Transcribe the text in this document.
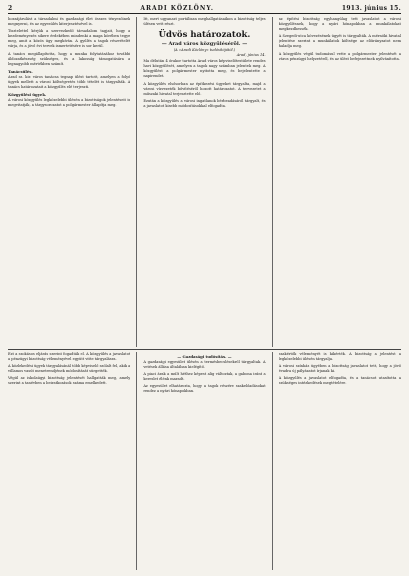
2	ARADI KÖZLÖNY.	1913. június 15.

hozzájárulást a társadalmi és gazdasági élet összes tényezőinek megnyerni, és az egyesülés kiterjesztésével is.

Tisztelettel kérjük a szervezkedő társadalom tagjait, hogy a kezdeményezés sikere érdekében mindenki a maga körében tegye meg, amit a közös ügy megkíván. A gyűlés a tagok részvételét várja, és a jövő évi tervek ismertetésére is sor kerül.

A tanács megállapította, hogy a munka folytatásához további áldozatkészség szükséges, és a lakosság támogatására a legnagyobb mértékben számít.

Tanácsülés.

Arad sz. kir. város tanácsa tegnap ülést tartott, amelyen a folyó ügyek mellett a városi költségvetés több tételét is tárgyalták. A tanács határozatait a közgyűlés elé terjeszti.

Közgyűlési ügyek.

A városi közgyűlés legközelebbi ülésén a bizottságok jelentéseit is megvitatják, a tárgysorozatot a polgármester állapítja meg.

Itt, mert ugyanazt portálisan meghallgatásaikon a bizottság teljes ülésen vett részt.

Üdvös határozatok.
— Arad város közgyűlésérõl. —
(A »Aradi Közlöny« tudósítójától.)
Arad, június 14.

Ma délután 4 órakor tartotta Arad város képviselőtestülete rendes havi közgyűlését, amelyen a tagok nagy számban jelentek meg. A közgyűlést a polgármester nyitotta meg, és bejelentette a napirendet.

A közgyűlés elsősorban az építkezési ügyeket tárgyalta, majd a városi vízvezeték bővítéséről hozott határozatot. A tervezetet a műszaki hivatal terjesztette elő.

Ezután a közgyűlés a városi ingatlanok bérbeadásáról tárgyalt, és a javaslatot kisebb módosításokkal elfogadta.

az építési bizottság egyhangúlag tett javaslatot a városi közgyűlésnek, hogy a nyári hónapokban a munkálatokat megkezdhessék.

A Szegedi-utca kövezésének ügyét is tárgyalták. A mérnöki hivatal jelentése szerint a munkálatok költsége az előirányzatot nem haladja meg.

A közgyűlés végül tudomásul vette a polgármester jelentését a város pénzügyi helyzetéről, és az ülést befejezettnek nyilvánította.

Ezt a szokásos eljárás szerint fogadták el. A közgyűlés a javaslatot a pénzügyi bizottság véleményével együtt vitte tárgyalásra.

A közlekedési ügyek tárgyalásánál több képviselő szólalt fel, akik a villamos vasút menetrendjének módosítását sürgették.

Végül az iskolaügyi bizottság jelentését hallgatták meg, amely szerint a tanévben a beiratkozások száma emelkedett.

— Gazdasági tudósítás. —

A gazdasági egyesület ülésén a termésbecslésekről tárgyaltak. A vetések állása általában kielégítő.

A piaci árak a múlt héthez képest alig változtak, a gabona iránt a kereslet élénk maradt.

Az egyesület elhatározta, hogy a tagok részére szakelőadásokat rendez a nyári hónapokban.

szakértők véleményét is kikérték. A bizottság a jelentést a legközelebbi ülésén tárgyalja.

A városi színház ügyében a bizottság javaslatot tett, hogy a jövő évadra új pályázatot írjanak ki.

A közgyűlés a javaslatot elfogadta, és a tanácsot utasította a szükséges intézkedések megtételére.
